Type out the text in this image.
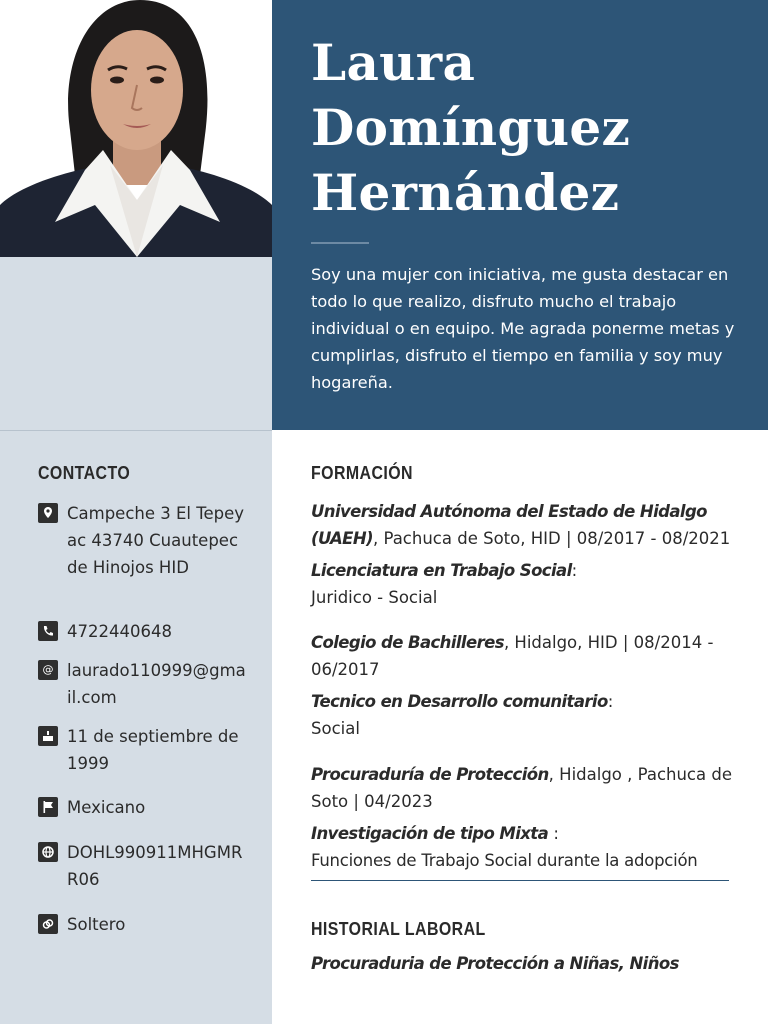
Laura
Domínguez
Hernández

Soy una mujer con iniciativa, me gusta destacar en todo lo que realizo, disfruto mucho el trabajo individual o en equipo. Me agrada ponerme metas y cumplirlas, disfruto el tiempo en familia y soy muy hogareña.

CONTACTO
Campeche 3 El Tepeyac 43740 Cuautepec de Hinojos HID
4722440648
@ laurado110999@gmail.com
11 de septiembre de 1999
Mexicano
DOHL990911MHGMRR06
Soltero
FORMACIÓN

Universidad Autónoma del Estado de Hidalgo (UAEH), Pachuca de Soto, HID | 08/2017 - 08/2021

Licenciatura en Trabajo Social:

Juridico - Social

Colegio de Bachilleres, Hidalgo, HID | 08/2014 - 06/2017

Tecnico en Desarrollo comunitario:

Social

Procuraduría de Protección, Hidalgo , Pachuca de Soto | 04/2023

Investigación de tipo Mixta :

Funciones de Trabajo Social durante la adopción

HISTORIAL LABORAL

Procuraduria de Protección a Niñas, Niños
